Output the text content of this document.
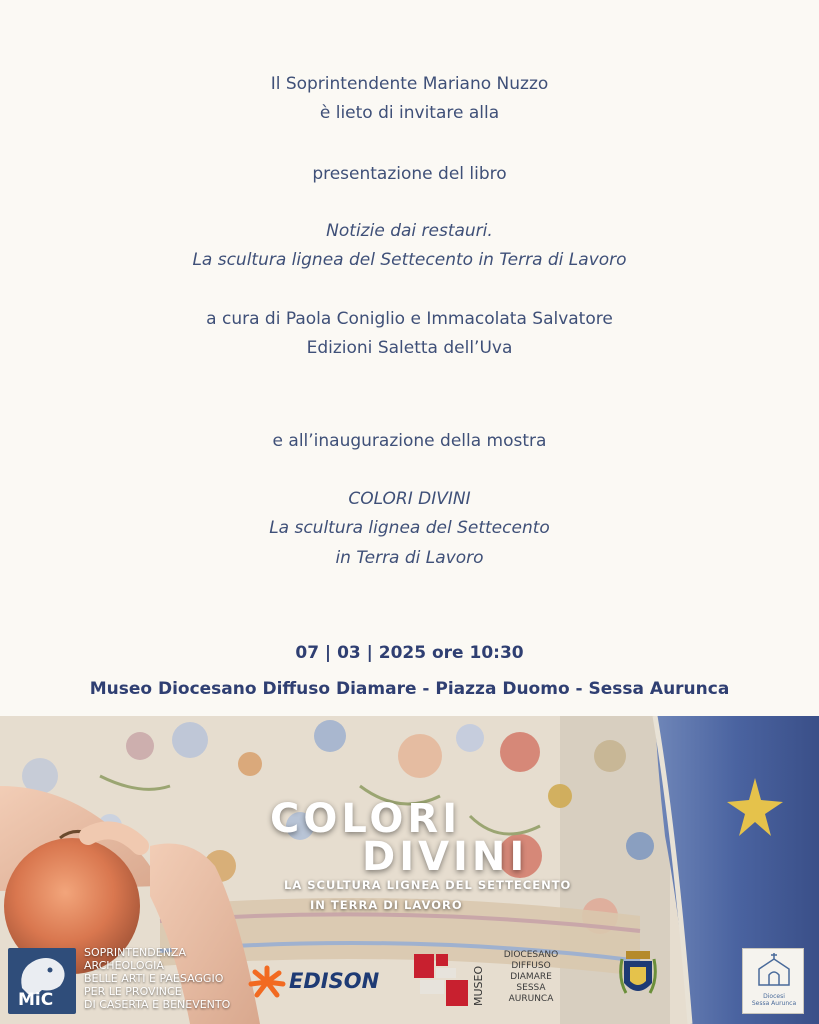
Il Soprintendente Mariano Nuzzo
è lieto di invitare alla
presentazione del libro
Notizie dai restauri.
La scultura lignea del Settecento in Terra di Lavoro
a cura di Paola Coniglio e Immacolata Salvatore
Edizioni Saletta dell’Uva
e all’inaugurazione della mostra
COLORI DIVINI
La scultura lignea del Settecento
in Terra di Lavoro
07 | 03 | 2025 ore 10:30
Museo Diocesano Diffuso Diamare - Piazza Duomo - Sessa Aurunca
COLORI
DIVINI
LA SCULTURA LIGNEA DEL SETTECENTO
IN TERRA DI LAVORO
MiC
SOPRINTENDENZA
ARCHEOLOGIA
BELLE ARTI E PAESAGGIO
PER LE PROVINCE
DI CASERTA E BENEVENTO
EDISON	MUSEO
DIOCESANO
DIFFUSO
DIAMARE
SESSA
AURUNCA	Diocesi
Sessa Aurunca
